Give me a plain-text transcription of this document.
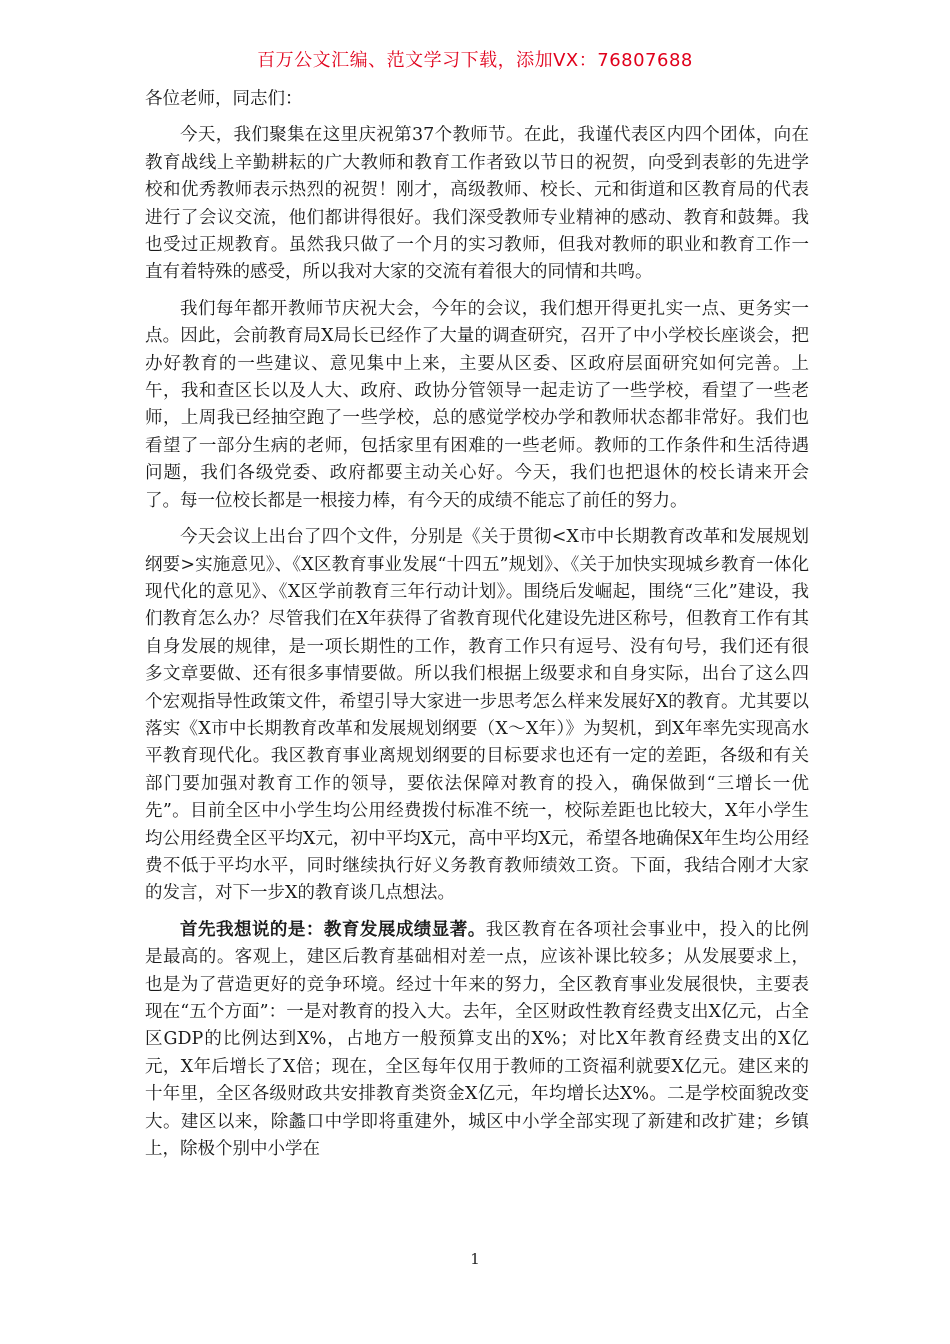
百万公文汇编、范文学习下载，添加VX：76807688

各位老师，同志们：

今天，我们聚集在这里庆祝第37个教师节。在此，我谨代表区内四个团体，向在教育战线上辛勤耕耘的广大教师和教育工作者致以节日的祝贺，向受到表彰的先进学校和优秀教师表示热烈的祝贺！刚才，高级教师、校长、元和街道和区教育局的代表进行了会议交流，他们都讲得很好。我们深受教师专业精神的感动、教育和鼓舞。我也受过正规教育。虽然我只做了一个月的实习教师，但我对教师的职业和教育工作一直有着特殊的感受，所以我对大家的交流有着很大的同情和共鸣。

我们每年都开教师节庆祝大会，今年的会议，我们想开得更扎实一点、更务实一点。因此，会前教育局X局长已经作了大量的调查研究，召开了中小学校长座谈会，把办好教育的一些建议、意见集中上来，主要从区委、区政府层面研究如何完善。上午，我和查区长以及人大、政府、政协分管领导一起走访了一些学校，看望了一些老师，上周我已经抽空跑了一些学校，总的感觉学校办学和教师状态都非常好。我们也看望了一部分生病的老师，包括家里有困难的一些老师。教师的工作条件和生活待遇问题，我们各级党委、政府都要主动关心好。今天，我们也把退休的校长请来开会了。每一位校长都是一根接力棒，有今天的成绩不能忘了前任的努力。

今天会议上出台了四个文件，分别是《关于贯彻<X市中长期教育改革和发展规划纲要>实施意见》、《X区教育事业发展“十四五”规划》、《关于加快实现城乡教育一体化现代化的意见》、《X区学前教育三年行动计划》。围绕后发崛起，围绕“三化”建设，我们教育怎么办？尽管我们在X年获得了省教育现代化建设先进区称号，但教育工作有其自身发展的规律，是一项长期性的工作，教育工作只有逗号、没有句号，我们还有很多文章要做、还有很多事情要做。所以我们根据上级要求和自身实际，出台了这么四个宏观指导性政策文件，希望引导大家进一步思考怎么样来发展好X的教育。尤其要以落实《X市中长期教育改革和发展规划纲要（X～X年）》为契机，到X年率先实现高水平教育现代化。我区教育事业离规划纲要的目标要求也还有一定的差距，各级和有关部门要加强对教育工作的领导，要依法保障对教育的投入，确保做到“三增长一优先”。目前全区中小学生均公用经费拨付标准不统一，校际差距也比较大，X年小学生均公用经费全区平均X元，初中平均X元，高中平均X元，希望各地确保X年生均公用经费不低于平均水平，同时继续执行好义务教育教师绩效工资。下面，我结合刚才大家的发言，对下一步X的教育谈几点想法。

首先我想说的是：教育发展成绩显著。我区教育在各项社会事业中，投入的比例是最高的。客观上，建区后教育基础相对差一点，应该补课比较多；从发展要求上，也是为了营造更好的竞争环境。经过十年来的努力，全区教育事业发展很快，主要表现在“五个方面”：一是对教育的投入大。去年，全区财政性教育经费支出X亿元，占全区GDP的比例达到X%，占地方一般预算支出的X%；对比X年教育经费支出的X亿元，X年后增长了X倍；现在，全区每年仅用于教师的工资福利就要X亿元。建区来的十年里，全区各级财政共安排教育类资金X亿元，年均增长达X%。二是学校面貌改变大。建区以来，除蠡口中学即将重建外，城区中小学全部实现了新建和改扩建；乡镇上，除极个别中小学在

1
